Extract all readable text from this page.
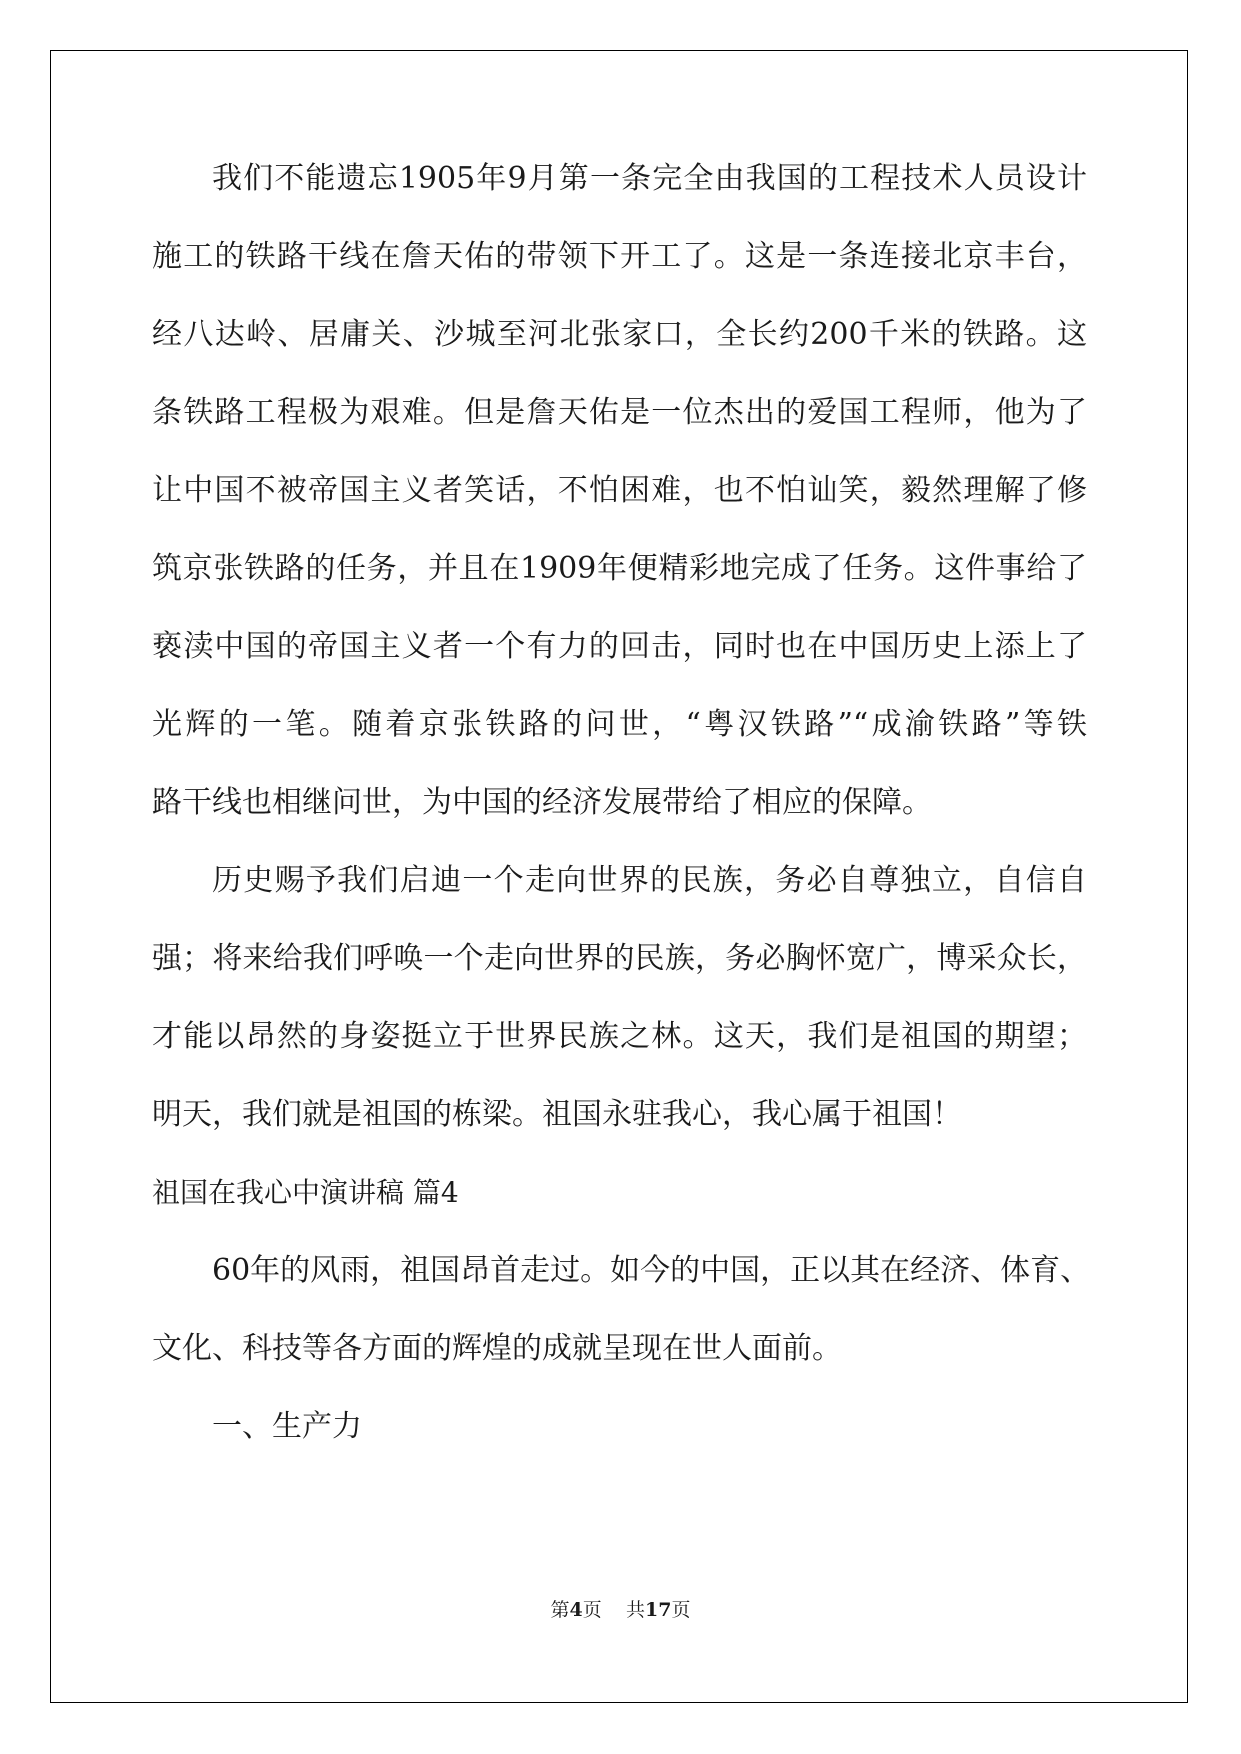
我们不能遗忘1905年9月第一条完全由我国的工程技术人员设计
施工的铁路干线在詹天佑的带领下开工了。这是一条连接北京丰台，
经八达岭、居庸关、沙城至河北张家口，全长约200千米的铁路。这
条铁路工程极为艰难。但是詹天佑是一位杰出的爱国工程师，他为了
让中国不被帝国主义者笑话，不怕困难，也不怕讪笑，毅然理解了修
筑京张铁路的任务，并且在1909年便精彩地完成了任务。这件事给了
亵渎中国的帝国主义者一个有力的回击，同时也在中国历史上添上了
光辉的一笔。随着京张铁路的问世，“粤汉铁路”“成渝铁路”等铁
路干线也相继问世，为中国的经济发展带给了相应的保障。
历史赐予我们启迪一个走向世界的民族，务必自尊独立，自信自
强；将来给我们呼唤一个走向世界的民族，务必胸怀宽广，博采众长，
才能以昂然的身姿挺立于世界民族之林。这天，我们是祖国的期望；
明天，我们就是祖国的栋梁。祖国永驻我心，我心属于祖国！
祖国在我心中演讲稿 篇4
60年的风雨，祖国昂首走过。如今的中国，正以其在经济、体育、
文化、科技等各方面的辉煌的成就呈现在世人面前。
一、生产力
第4页 共17页
